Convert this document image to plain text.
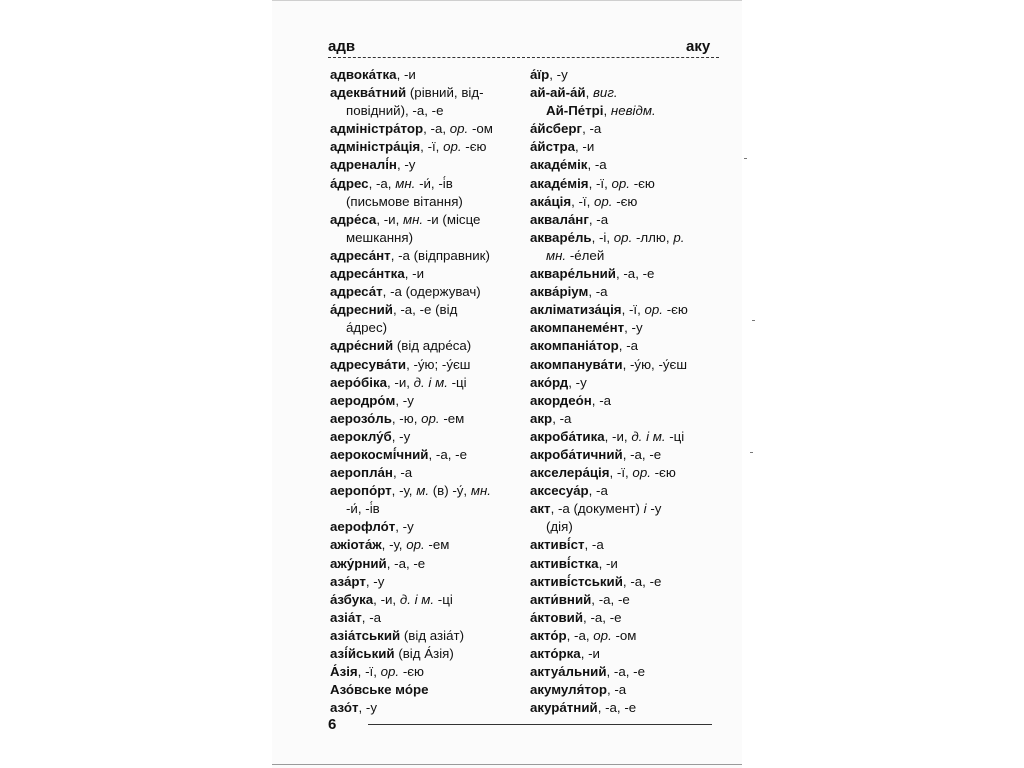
адв	аку
адвока́тка, -и
адеква́тний (рівний, від-
повідний), -а, -е
адміністра́тор, -а, ор. -ом
адміністра́ція, -ї, ор. -єю
адреналі́н, -у
а́дрес, -а, мн. -и́, -і́в
(письмове вітання)
адре́са, -и, мн. -и (місце
мешкання)
адреса́нт, -а (відправник)
адреса́нтка, -и
адреса́т, -а (одержувач)
а́дресний, -а, -е (від
а́дрес)
адре́сний (від адре́са)
адресува́ти, -у́ю; -у́єш
аеро́біка, -и, д. і м. -ці
аеродро́м, -у
аерозо́ль, -ю, ор. -ем
аероклу́б, -у
аерокосмі́чний, -а, -е
аеропла́н, -а
аеропо́рт, -у, м. (в) -у́, мн.
-и́, -і́в
аерофло́т, -у
ажіота́ж, -у, ор. -ем
ажу́рний, -а, -е
аза́рт, -у
а́збука, -и, д. і м. -ці
азіа́т, -а
азіа́тський (від азіа́т)
азі́йський (від А́зія)
А́зія, -ї, ор. -єю
Азо́вське мо́ре
азо́т, -у
а́їр, -у
ай-ай-а́й, виг.
Ай-Пе́трі, невідм.
а́йсберг, -а
а́йстра, -и
акаде́мік, -а
акаде́мія, -ї, ор. -єю
ака́ція, -ї, ор. -єю
аквала́нг, -а
акваре́ль, -і, ор. -ллю, р.
мн. -е́лей
акваре́льний, -а, -е
аква́ріум, -а
акліматиза́ція, -ї, ор. -єю
акомпанеме́нт, -у
акомпаніа́тор, -а
акомпанува́ти, -у́ю, -у́єш
ако́рд, -у
акордео́н, -а
акр, -а
акроба́тика, -и, д. і м. -ці
акроба́тичний, -а, -е
акселера́ція, -ї, ор. -єю
аксесуа́р, -а
акт, -а (документ) і -у
(дія)
активі́ст, -а
активі́стка, -и
активі́стський, -а, -е
акти́вний, -а, -е
а́ктовий, -а, -е
акто́р, -а, ор. -ом
акто́рка, -и
актуа́льний, -а, -е
акумуля́тор, -а
акура́тний, -а, -е
6
